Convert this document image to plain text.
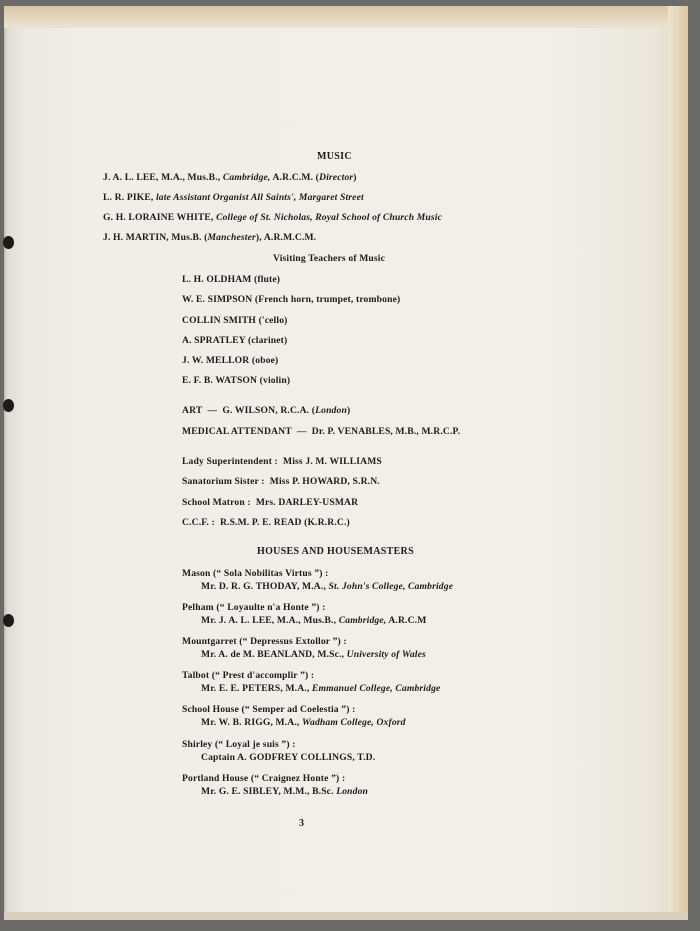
MUSIC
J. A. L. LEE, M.A., Mus.B., Cambridge, A.R.C.M. (Director)
L. R. PIKE, late Assistant Organist All Saints', Margaret Street
G. H. LORAINE WHITE, College of St. Nicholas, Royal School of Church Music
J. H. MARTIN, Mus.B. (Manchester), A.R.M.C.M.
Visiting Teachers of Music
L. H. OLDHAM (flute)
W. E. SIMPSON (French horn, trumpet, trombone)
COLLIN SMITH ('cello)
A. SPRATLEY (clarinet)
J. W. MELLOR (oboe)
E. F. B. WATSON (violin)
ART — G. WILSON, R.C.A. (London)
MEDICAL ATTENDANT — Dr. P. VENABLES, M.B., M.R.C.P.
Lady Superintendent : Miss J. M. WILLIAMS
Sanatorium Sister : Miss P. HOWARD, S.R.N.
School Matron : Mrs. DARLEY-USMAR
C.C.F. : R.S.M. P. E. READ (K.R.R.C.)
HOUSES AND HOUSEMASTERS
Mason (“ Sola Nobilitas Virtus ”) :
Mr. D. R. G. THODAY, M.A., St. John's College, Cambridge
Pelham (“ Loyaulte n'a Honte ”) :
Mr. J. A. L. LEE, M.A., Mus.B., Cambridge, A.R.C.M
Mountgarret (“ Depressus Extollor ”) :
Mr. A. de M. BEANLAND, M.Sc., University of Wales
Talbot (“ Prest d'accomplir ”) :
Mr. E. E. PETERS, M.A., Emmanuel College, Cambridge
School House (“ Semper ad Coelestia ”) :
Mr. W. B. RIGG, M.A., Wadham College, Oxford
Shirley (“ Loyal je suis ”) :
Captain A. GODFREY COLLINGS, T.D.
Portland House (“ Craignez Honte ”) :
Mr. G. E. SIBLEY, M.M., B.Sc. London
3
